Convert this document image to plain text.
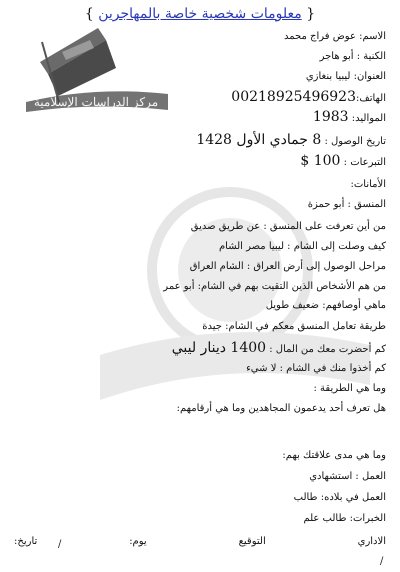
{ معلومات شخصية خاصة بالمهاجرين }
مركز الدراسات الإسلامية
الاسم: عوض فراج محمد
الكنية : أبو هاجر
العنوان: ليبيا بنغازي
الهاتف:00218925496923
المواليد: 1983
تاريخ الوصول : 8 جمادي الأول 1428
التبرعات : 100 $
الأمانات:
المنسق : أبو حمزة
من أين تعرفت على المنسق : عن طريق صديق
كيف وصلت إلى الشام : ليبيا مصر الشام
مراحل الوصول إلى أرض العراق : الشام العراق
من هم الأشخاص الذين التقيت بهم في الشام: أبو عمر
ماهي أوصافهم: ضعيف طويل
طريقة تعامل المنسق معكم في الشام: جيدة
كم أحضرت معك من المال : 1400 دينار ليبي
كم أخذوا منك في الشام : لا شيء
وما هي الطريقة :
هل تعرف أحد يدعمون المجاهدين وما هي أرقامهم:
وما هي مدى علاقتك بهم:
العمل : استشهادي
العمل في بلاده: طالب
الخبرات: طالب علم
الاداري
التوقيع
يوم:
تاريخ: /
/
